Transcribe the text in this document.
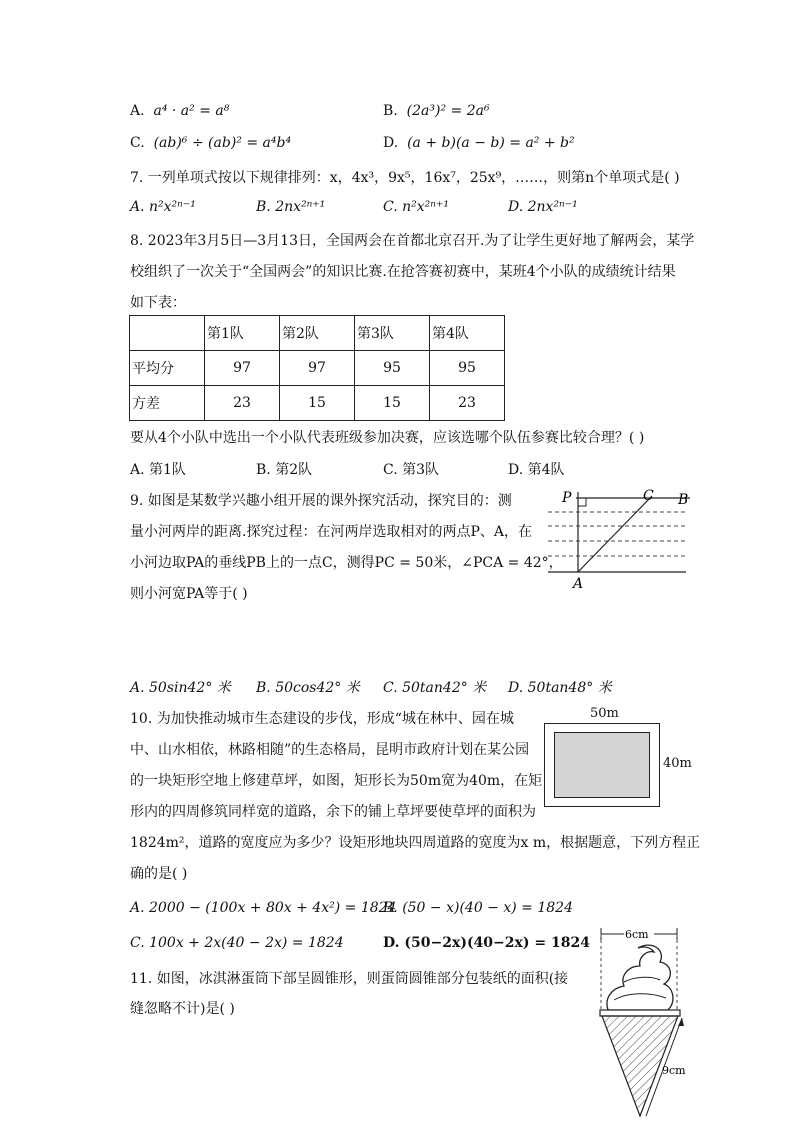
A. a⁴ · a² = a⁸	B. (2a³)² = 2a⁶
C. (ab)⁶ ÷ (ab)² = a⁴b⁴	D. (a + b)(a − b) = a² + b²
7. 一列单项式按以下规律排列：x，4x³，9x⁵，16x⁷，25x⁹，……，则第n个单项式是( )
A. n²x²ⁿ⁻¹	B. 2nx²ⁿ⁺¹	C. n²x²ⁿ⁺¹	D. 2nx²ⁿ⁻¹
8. 2023年3月5日—3月13日，全国两会在首都北京召开.为了让学生更好地了解两会，某学
校组织了一次关于“全国两会”的知识比赛.在抢答赛初赛中，某班4个小队的成绩统计结果
如下表：
	第1队	第2队	第3队	第4队
平均分	97	97	95	95
方差	23	15	15	23
要从4个小队中选出一个小队代表班级参加决赛，应该选哪个队伍参赛比较合理？( )
A. 第1队	B. 第2队	C. 第3队	D. 第4队
9. 如图是某数学兴趣小组开展的课外探究活动，探究目的：测
量小河两岸的距离.探究过程：在河两岸选取相对的两点P、A，在
小河边取PA的垂线PB上的一点C，测得PC = 50米，∠PCA = 42°，
则小河宽PA等于( )
P	C B
A
A. 50sin42° 米 B. 50cos42° 米 C. 50tan42° 米 D. 50tan48° 米
10. 为加快推动城市生态建设的步伐，形成“城在林中、园在城
中、山水相依，林路相随”的生态格局，昆明市政府计划在某公园
的一块矩形空地上修建草坪，如图，矩形长为50m宽为40m，在矩
形内的四周修筑同样宽的道路，余下的铺上草坪要使草坪的面积为
1824m²，道路的宽度应为多少？设矩形地块四周道路的宽度为x m，根据题意，下列方程正
确的是( )
50m
40m
A. 2000 − (100x + 80x + 4x²) = 1824
B. (50 − x)(40 − x) = 1824
C. 100x + 2x(40 − 2x) = 1824	D. (50−2x)(40−2x) = 1824
11. 如图，冰淇淋蛋筒下部呈圆锥形，则蛋筒圆锥部分包装纸的面积(接
缝忽略不计)是( )
6cm
9cm
